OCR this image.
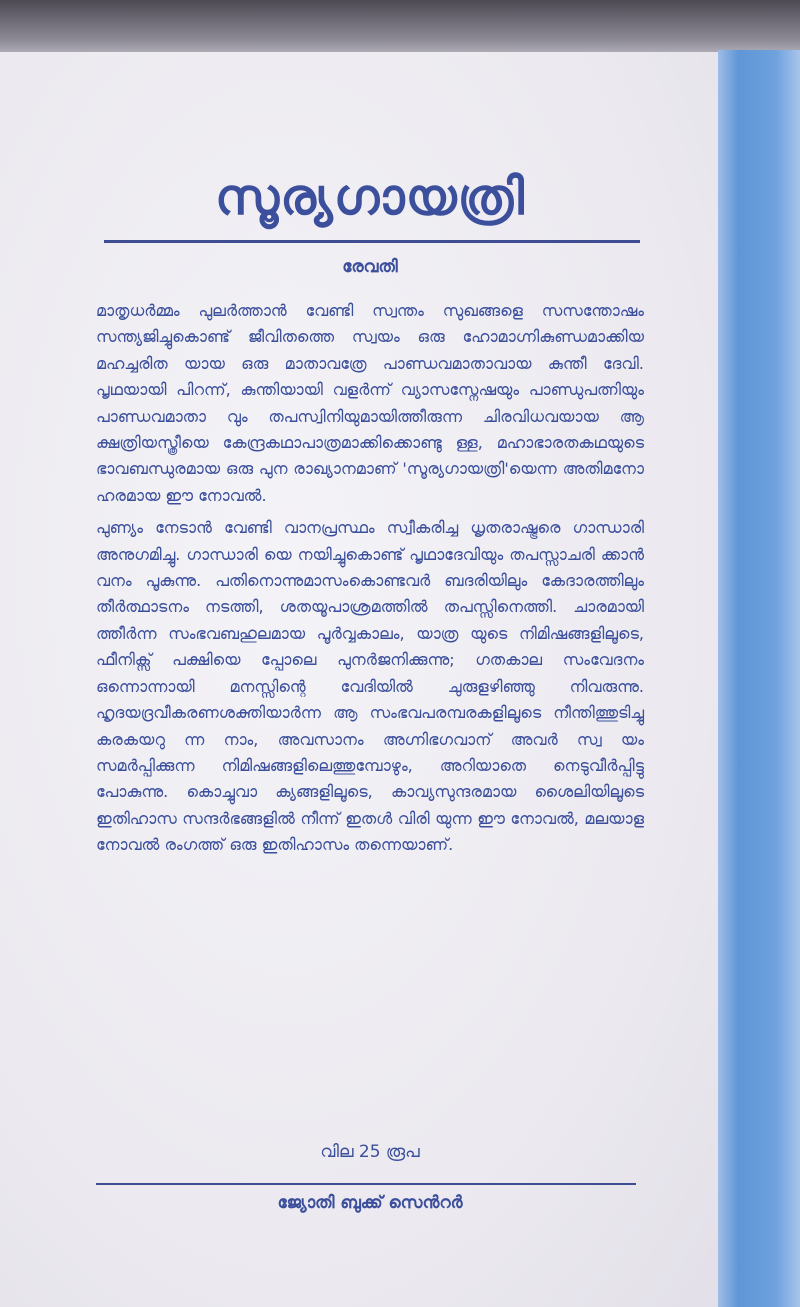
സൂര്യഗായത്രി
രേവതി

മാതൃധർമ്മം പുലർത്താൻ വേണ്ടി സ്വന്തം സുഖങ്ങളെ സസന്തോഷം സന്ത്യജിച്ചുകൊണ്ട് ജീവിതത്തെ സ്വയം ഒരു ഹോമാഗ്നികുണ്ഡമാക്കിയ മഹച്ചരിത യായ ഒരു മാതാവത്രേ പാണ്ഡവമാതാവായ കുന്തീ ദേവി. പൃഥയായി പിറന്ന്, കുന്തിയായി വളർന്ന് വ്യാസസ്നേഷയും പാണ്ഡുപത്നിയും പാണ്ഡവമാതാ വും തപസ്വിനിയുമായിത്തീരുന്ന ചിരവിധവയായ ആ ക്ഷത്രിയസ്ത്രീയെ കേന്ദ്രകഥാപാത്രമാക്കിക്കൊണ്ടു ള്ള, മഹാഭാരതകഥയുടെ ഭാവബന്ധുരമായ ഒരു പുന രാഖ്യാനമാണ് 'സൂര്യഗായത്രി'യെന്ന അതിമനോ ഹരമായ ഈ നോവൽ.

പുണ്യം നേടാൻ വേണ്ടി വാനപ്രസ്ഥം സ്വീകരിച്ച ധൃതരാഷ്ട്രരെ ഗാന്ധാരി അനുഗമിച്ചു. ഗാന്ധാരി യെ നയിച്ചുകൊണ്ട് പൃഥാദേവിയും തപസ്സാചരി ക്കാൻ വനം പൂകുന്നു. പതിനൊന്നുമാസംകൊണ്ടവർ ബദരിയിലും കേദാരത്തിലും തീർത്ഥാടനം നടത്തി, ശതയൂപാശ്രമത്തിൽ തപസ്സിനെത്തി. ചാരമായി ത്തീർന്ന സംഭവബഹുലമായ പൂർവ്വകാലം, യാത്ര യുടെ നിമിഷങ്ങളിലൂടെ, ഫീനിക്സ് പക്ഷിയെ പ്പോലെ പുനർജനിക്കുന്നു; ഗതകാല സംവേദനം ഒന്നൊന്നായി മനസ്സിന്റെ വേദിയിൽ ചുരുളഴിഞ്ഞു നിവരുന്നു. ഹൃദയദ്രവീകരണശക്തിയാർന്ന ആ സംഭവപരമ്പരകളിലൂടെ നീന്തിത്തുടിച്ചു കരകയറു ന്ന നാം, അവസാനം അഗ്നിഭഗവാന് അവർ സ്വ യം സമർപ്പിക്കുന്ന നിമിഷങ്ങളിലെത്തുമ്പോഴും, അറിയാതെ നെടുവീർപ്പിട്ടു പോകുന്നു. കൊച്ചുവാ ക്യങ്ങളിലൂടെ, കാവ്യസുന്ദരമായ ശൈലിയിലൂടെ ഇതിഹാസ സന്ദർഭങ്ങളിൽ നീന്ന് ഇതൾ വിരി യുന്ന ഈ നോവൽ, മലയാള നോവൽ രംഗത്ത് ഒരു ഇതിഹാസം തന്നെയാണ്.

വില 25 രൂപ
ജ്യോതി ബുക്ക് സെൻറർ
